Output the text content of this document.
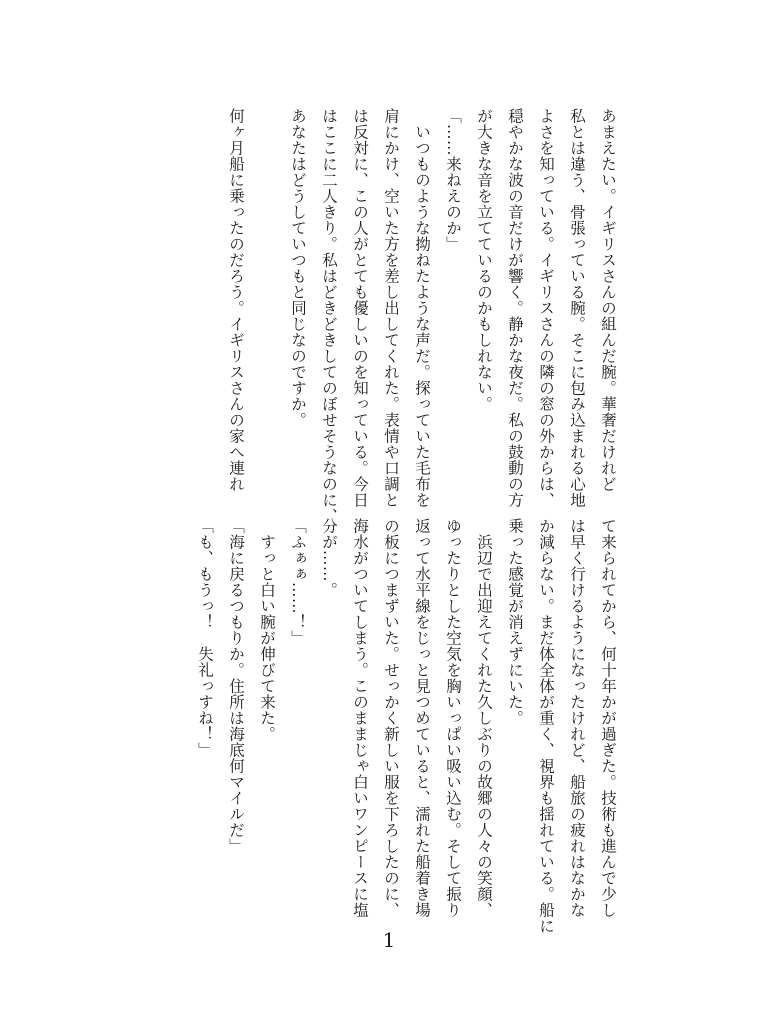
あまえたい。イギリスさんの組んだ腕。華奢だけれど
私とは違う、骨張っている腕。そこに包み込まれる心地
よさを知っている。イギリスさんの隣の窓の外からは、
穏やかな波の音だけが響く。静かな夜だ。私の鼓動の方
が大きな音を立てているのかもしれない。
「……来ねえのか」
　いつものような拗ねたような声だ。探っていた毛布を
肩にかけ、空いた方を差し出してくれた。表情や口調と
は反対に、この人がとても優しいのを知っている。今日
はここに二人きり。私はどきどきしてのぼせそうなのに、
あなたはどうしていつもと同じなのですか。
何ヶ月船に乗ったのだろう。イギリスさんの家へ連れ
て来られてから、何十年かが過ぎた。技術も進んで少し
は早く行けるようになったけれど、船旅の疲れはなかな
か減らない。まだ体全体が重く、視界も揺れている。船に
乗った感覚が消えずにいた。
　浜辺で出迎えてくれた久しぶりの故郷の人々の笑顔、
ゆったりとした空気を胸いっぱい吸い込む。そして振り
返って水平線をじっと見つめていると、濡れた船着き場
の板につまずいた。せっかく新しい服を下ろしたのに、
海水がついてしまう。このままじゃ白いワンピースに塩
分が……。
「ふぁぁ……！」
　すっと白い腕が伸びて来た。
「海に戻るつもりか。住所は海底何マイルだ」
「も、もうっ！　失礼っすね！」
1
